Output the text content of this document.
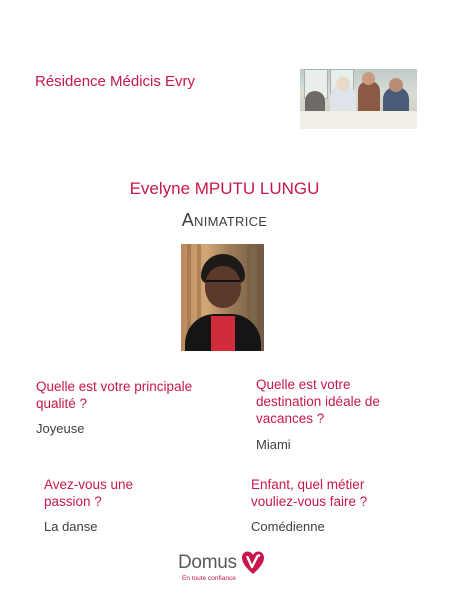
Résidence Médicis Evry
Evelyne MPUTU LUNGU
Animatrice
Quelle est votre principale qualité ?
Joyeuse
Quelle est votre destination idéale de vacances ?
Miami
Avez-vous une passion ?
La danse
Enfant, quel métier vouliez-vous faire ?
Comédienne
Domus
En toute confiance
